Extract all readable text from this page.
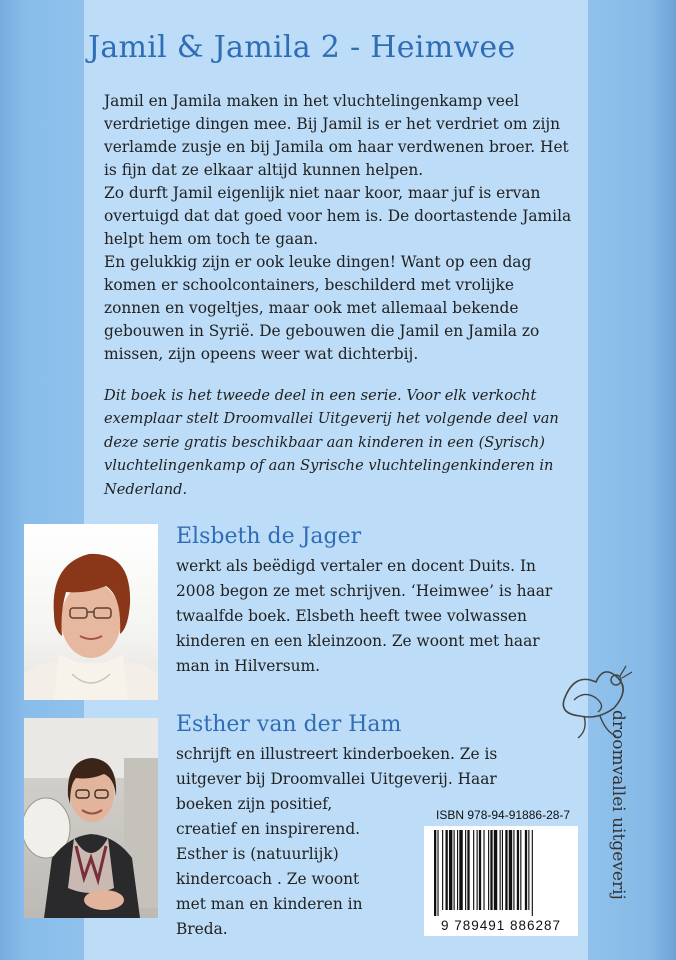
Jamil & Jamila 2 - Heimwee

Jamil en Jamila maken in het vluchtelingenkamp veel verdrietige dingen mee. Bij Jamil is er het verdriet om zijn verlamde zusje en bij Jamila om haar verdwenen broer. Het is fijn dat ze elkaar altijd kunnen helpen.

Zo durft Jamil eigenlijk niet naar koor, maar juf is ervan overtuigd dat dat goed voor hem is. De doortastende Jamila helpt hem om toch te gaan.

En gelukkig zijn er ook leuke dingen! Want op een dag komen er schoolcontainers, beschilderd met vrolijke zonnen en vogeltjes, maar ook met allemaal bekende gebouwen in Syrië. De gebouwen die Jamil en Jamila zo missen, zijn opeens weer wat dichterbij.

Dit boek is het tweede deel in een serie. Voor elk verkocht exemplaar stelt Droomvallei Uitgeverij het volgende deel van deze serie gratis beschikbaar aan kinderen in een (Syrisch) vluchtelingenkamp of aan Syrische vluchtelingenkinderen in Nederland.
Elsbeth de Jager
werkt als beëdigd vertaler en docent Duits. In
2008 begon ze met schrijven. ‘Heimwee’ is haar
twaalfde boek. Elsbeth heeft twee volwassen
kinderen en een kleinzoon. Ze woont met haar
man in Hilversum.
Esther van der Ham
schrijft en illustreert kinderboeken. Ze is
uitgever bij Droomvallei Uitgeverij. Haar
boeken zijn positief,
creatief en inspirerend.
Esther is (natuurlijk)
kindercoach . Ze woont
met man en kinderen in
Breda.
ISBN 978-94-91886-28-7
9 789491 886287
droomvallei uitgeverij
